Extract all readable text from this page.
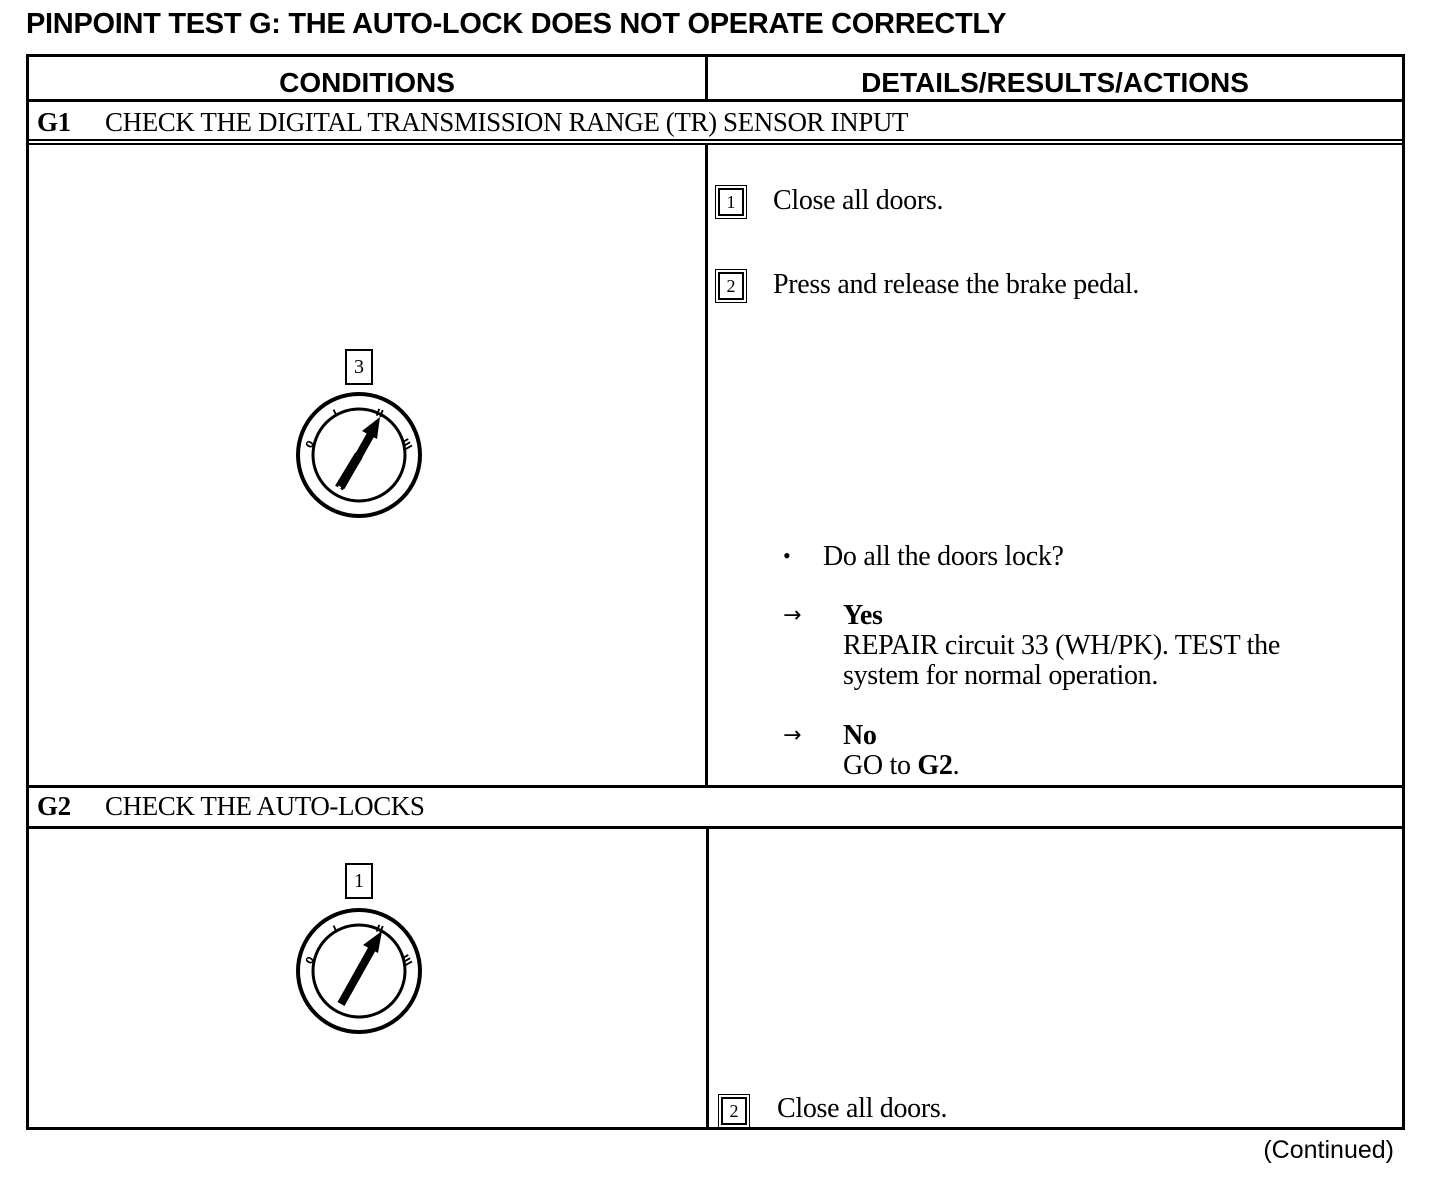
PINPOINT TEST G: THE AUTO-LOCK DOES NOT OPERATE CORRECTLY
CONDITIONS	DETAILS/RESULTS/ACTIONS
G1 CHECK THE DIGITAL TRANSMISSION RANGE (TR) SENSOR INPUT
3
0
I	II
III
1	Close all doors.
2	Press and release the brake pedal.
• Do all the doors lock?
→ Yes
REPAIR circuit 33 (WH/PK). TEST the
system for normal operation.
→ No
GO to G2.
G2 CHECK THE AUTO-LOCKS
1
0
I	II
III
2	Close all doors.
(Continued)
